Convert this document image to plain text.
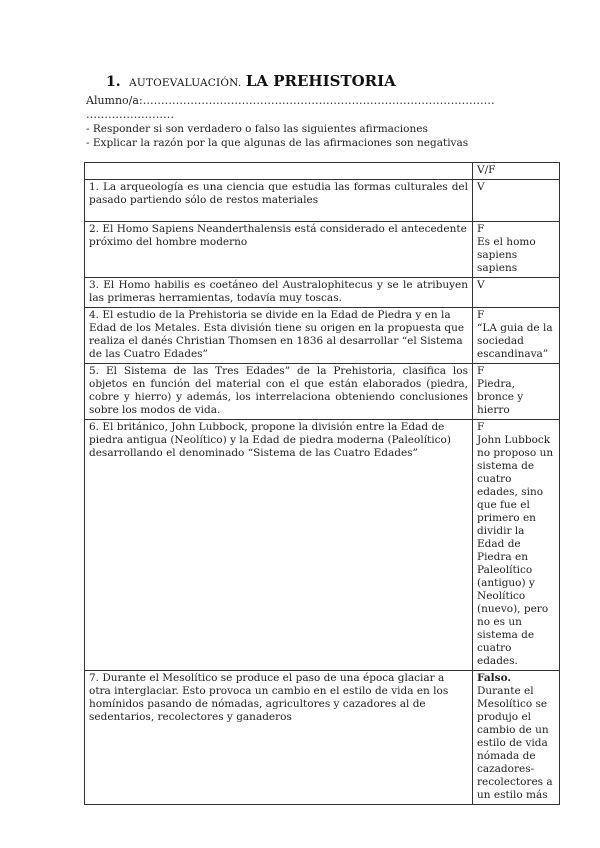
1. AUTOEVALUACIÓN. LA PREHISTORIA
Alumno/a:……………………………………………………………………………………
……………………
- Responder si son verdadero o falso las siguientes afirmaciones
- Explicar la razón por la que algunas de las afirmaciones son negativas
	V/F

1. La arqueología es una ciencia que estudia las formas culturales del pasado partiendo sólo de restos materiales	V

2. El Homo Sapiens Neanderthalensis está considerado el antecedente próximo del hombre moderno	F
Es el homo sapiens sapiens

3. El Homo habilis es coetáneo del Australophitecus y se le atribuyen las primeras herramientas, todavía muy toscas.	V

4. El estudio de la Prehistoria se divide en la Edad de Piedra y en la Edad de los Metales. Esta división tiene su origen en la propuesta que realiza el danés Christian Thomsen en 1836 al desarrollar “el Sistema de las Cuatro Edades”	F
“LA guia de la sociedad escandinava”

5. El Sistema de las Tres Edades” de la Prehistoria, clasifica los objetos en función del material con el que están elaborados (piedra, cobre y hierro) y además, los interrelaciona obteniendo conclusiones sobre los modos de vida.	F
Piedra, bronce y hierro

6. El británico, John Lubbock, propone la división entre la Edad de piedra antigua (Neolítico) y la Edad de piedra moderna (Paleolítico) desarrollando el denominado “Sistema de las Cuatro Edades”	F
John Lubbock no proposo un sistema de cuatro edades, sino que fue el primero en dividir la Edad de Piedra en Paleolítico (antiguo) y Neolítico (nuevo), pero no es un sistema de cuatro edades.

7. Durante el Mesolítico se produce el paso de una época glaciar a otra interglaciar. Esto provoca un cambio en el estilo de vida en los homínidos pasando de nómadas, agricultores y cazadores al de sedentarios, recolectores y ganaderos	Falso. Durante el Mesolítico se produjo el cambio de un estilo de vida nómada de cazadores-recolectores a un estilo más
